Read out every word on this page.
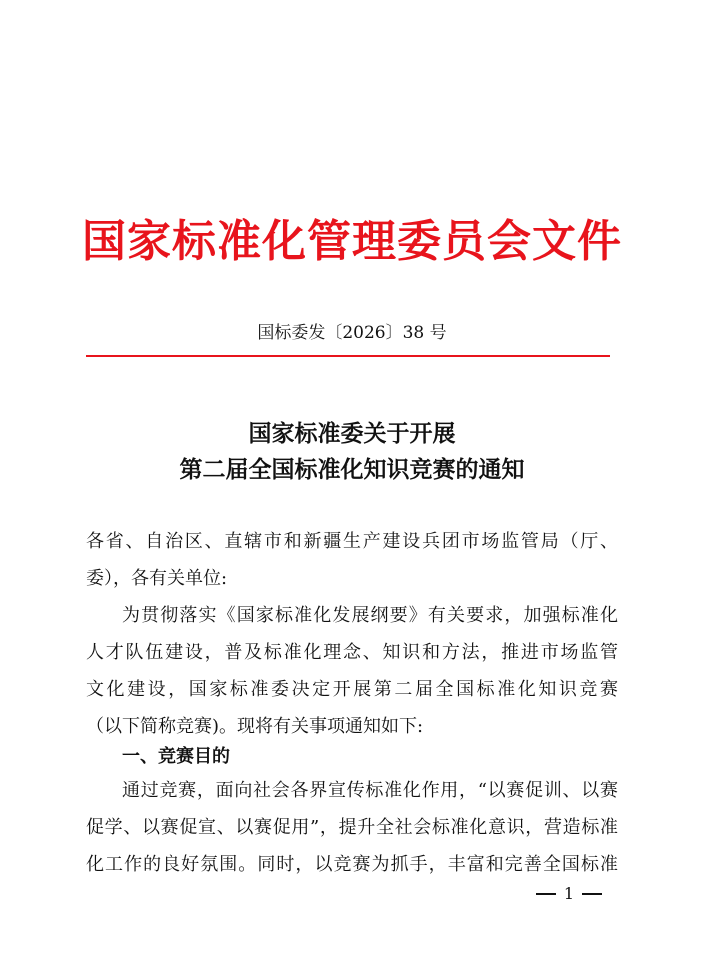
国家标准化管理委员会文件
国标委发〔2026〕38 号
国家标准委关于开展
第二届全国标准化知识竞赛的通知
各省、自治区、直辖市和新疆生产建设兵团市场监管局（厅、
委），各有关单位:
为贯彻落实《国家标准化发展纲要》有关要求，加强标准化
人才队伍建设，普及标准化理念、知识和方法，推进市场监管
文化建设，国家标准委决定开展第二届全国标准化知识竞赛
（以下简称竞赛)。现将有关事项通知如下:
一、竞赛目的
通过竞赛，面向社会各界宣传标准化作用，“以赛促训、以赛
促学、以赛促宣、以赛促用”，提升全社会标准化意识，营造标准
化工作的良好氛围。同时，以竞赛为抓手，丰富和完善全国标准
1
